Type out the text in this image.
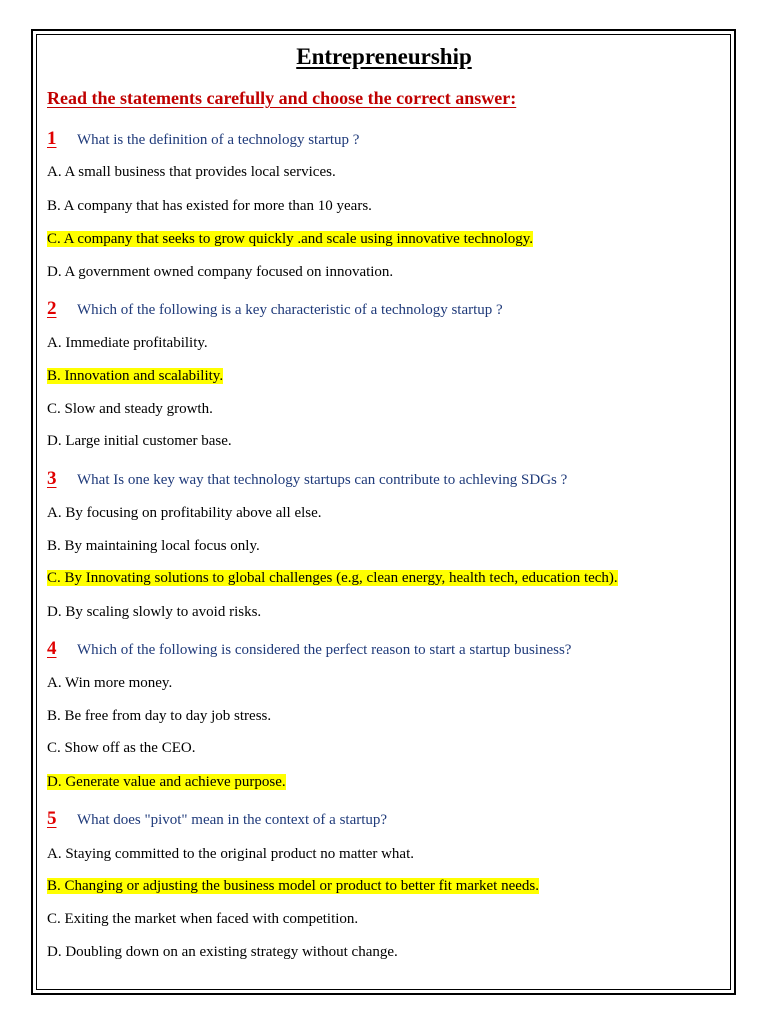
Entrepreneurship
Read the statements carefully and choose the correct answer:
1 What is the definition of a technology startup ?
A. A small business that provides local services.
B. A company that has existed for more than 10 years.
C. A company that seeks to grow quickly .and scale using innovative technology.
D. A government owned company focused on innovation.
2 Which of the following is a key characteristic of a technology startup ?
A. Immediate profitability.
B. Innovation and scalability.
C. Slow and steady growth.
D. Large initial customer base.
3 What Is one key way that technology startups can contribute to achleving SDGs ?
A. By focusing on profitability above all else.
B. By maintaining local focus only.
C. By Innovating solutions to global challenges (e.g, clean energy, health tech, education tech).
D. By scaling slowly to avoid risks.
4 Which of the following is considered the perfect reason to start a startup business?
A. Win more money.
B. Be free from day to day job stress.
C. Show off as the CEO.
D. Generate value and achieve purpose.
5 What does "pivot" mean in the context of a startup?
A. Staying committed to the original product no matter what.
B. Changing or adjusting the business model or product to better fit market needs.
C. Exiting the market when faced with competition.
D. Doubling down on an existing strategy without change.
